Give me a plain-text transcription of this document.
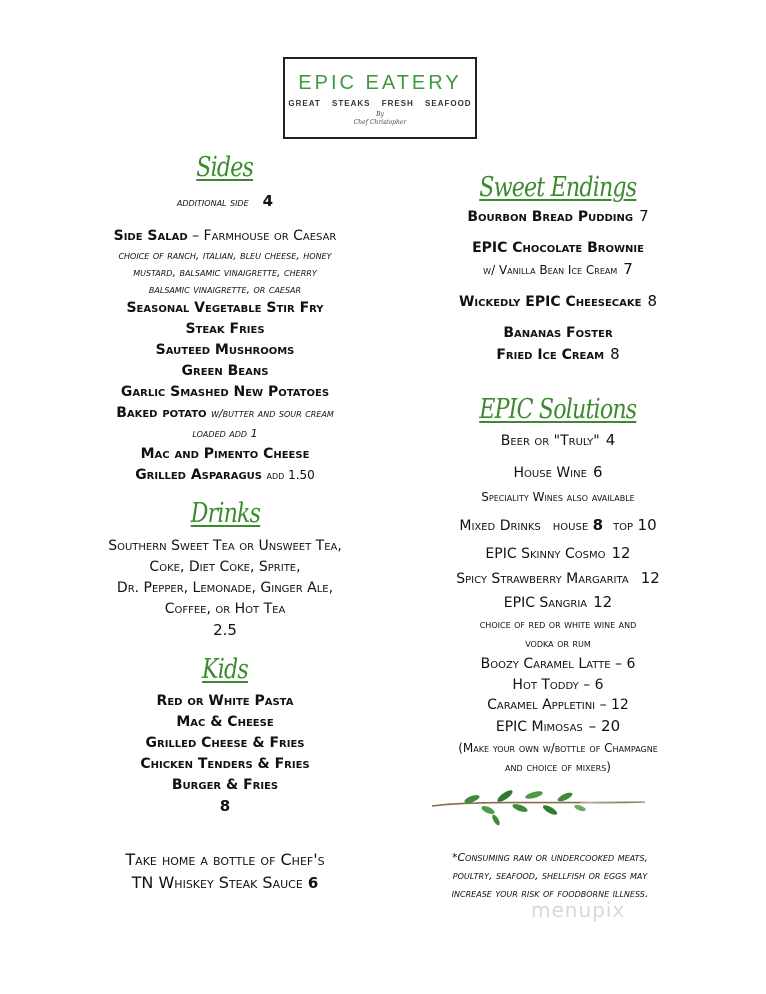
EPIC EATERY
GREAT STEAKS FRESH SEAFOOD
By
Chef Christopher
Sides
additional side 4
Side Salad – Farmhouse or Caesar
choice of ranch, italian, bleu cheese, honey
mustard, balsamic vinaigrette, cherry
balsamic vinaigrette, or caesar
Seasonal Vegetable Stir Fry
Steak Fries
Sauteed Mushrooms
Green Beans
Garlic Smashed New Potatoes
Baked potato w/butter and sour cream
loaded add 1
Mac and Pimento Cheese
Grilled Asparagus add 1.50
Drinks
Southern Sweet Tea or Unsweet Tea,
Coke, Diet Coke, Sprite,
Dr. Pepper, Lemonade, Ginger Ale,
Coffee, or Hot Tea
2.5
Kids
Red or White Pasta
Mac & Cheese
Grilled Cheese & Fries
Chicken Tenders & Fries
Burger & Fries
8
Take home a bottle of Chef's
TN Whiskey Steak Sauce 6
Sweet Endings
Bourbon Bread Pudding 7
EPIC Chocolate Brownie
w/ Vanilla Bean Ice Cream 7
Wickedly EPIC Cheesecake 8
Bananas Foster
Fried Ice Cream 8
EPIC Solutions
Beer or "Truly" 4
House Wine 6
Speciality Wines also available
Mixed Drinks house 8 top 10
EPIC Skinny Cosmo 12
Spicy Strawberry Margarita 12
EPIC Sangria 12
choice of red or white wine and
vodka or rum
Boozy Caramel Latte – 6
Hot Toddy – 6
Caramel Appletini – 12
EPIC Mimosas – 20
(Make your own w/bottle of Champagne
and choice of mixers)
*Consuming raw or undercooked meats,
poultry, seafood, shellfish or eggs may
increase your risk of foodborne illness.
menupix
